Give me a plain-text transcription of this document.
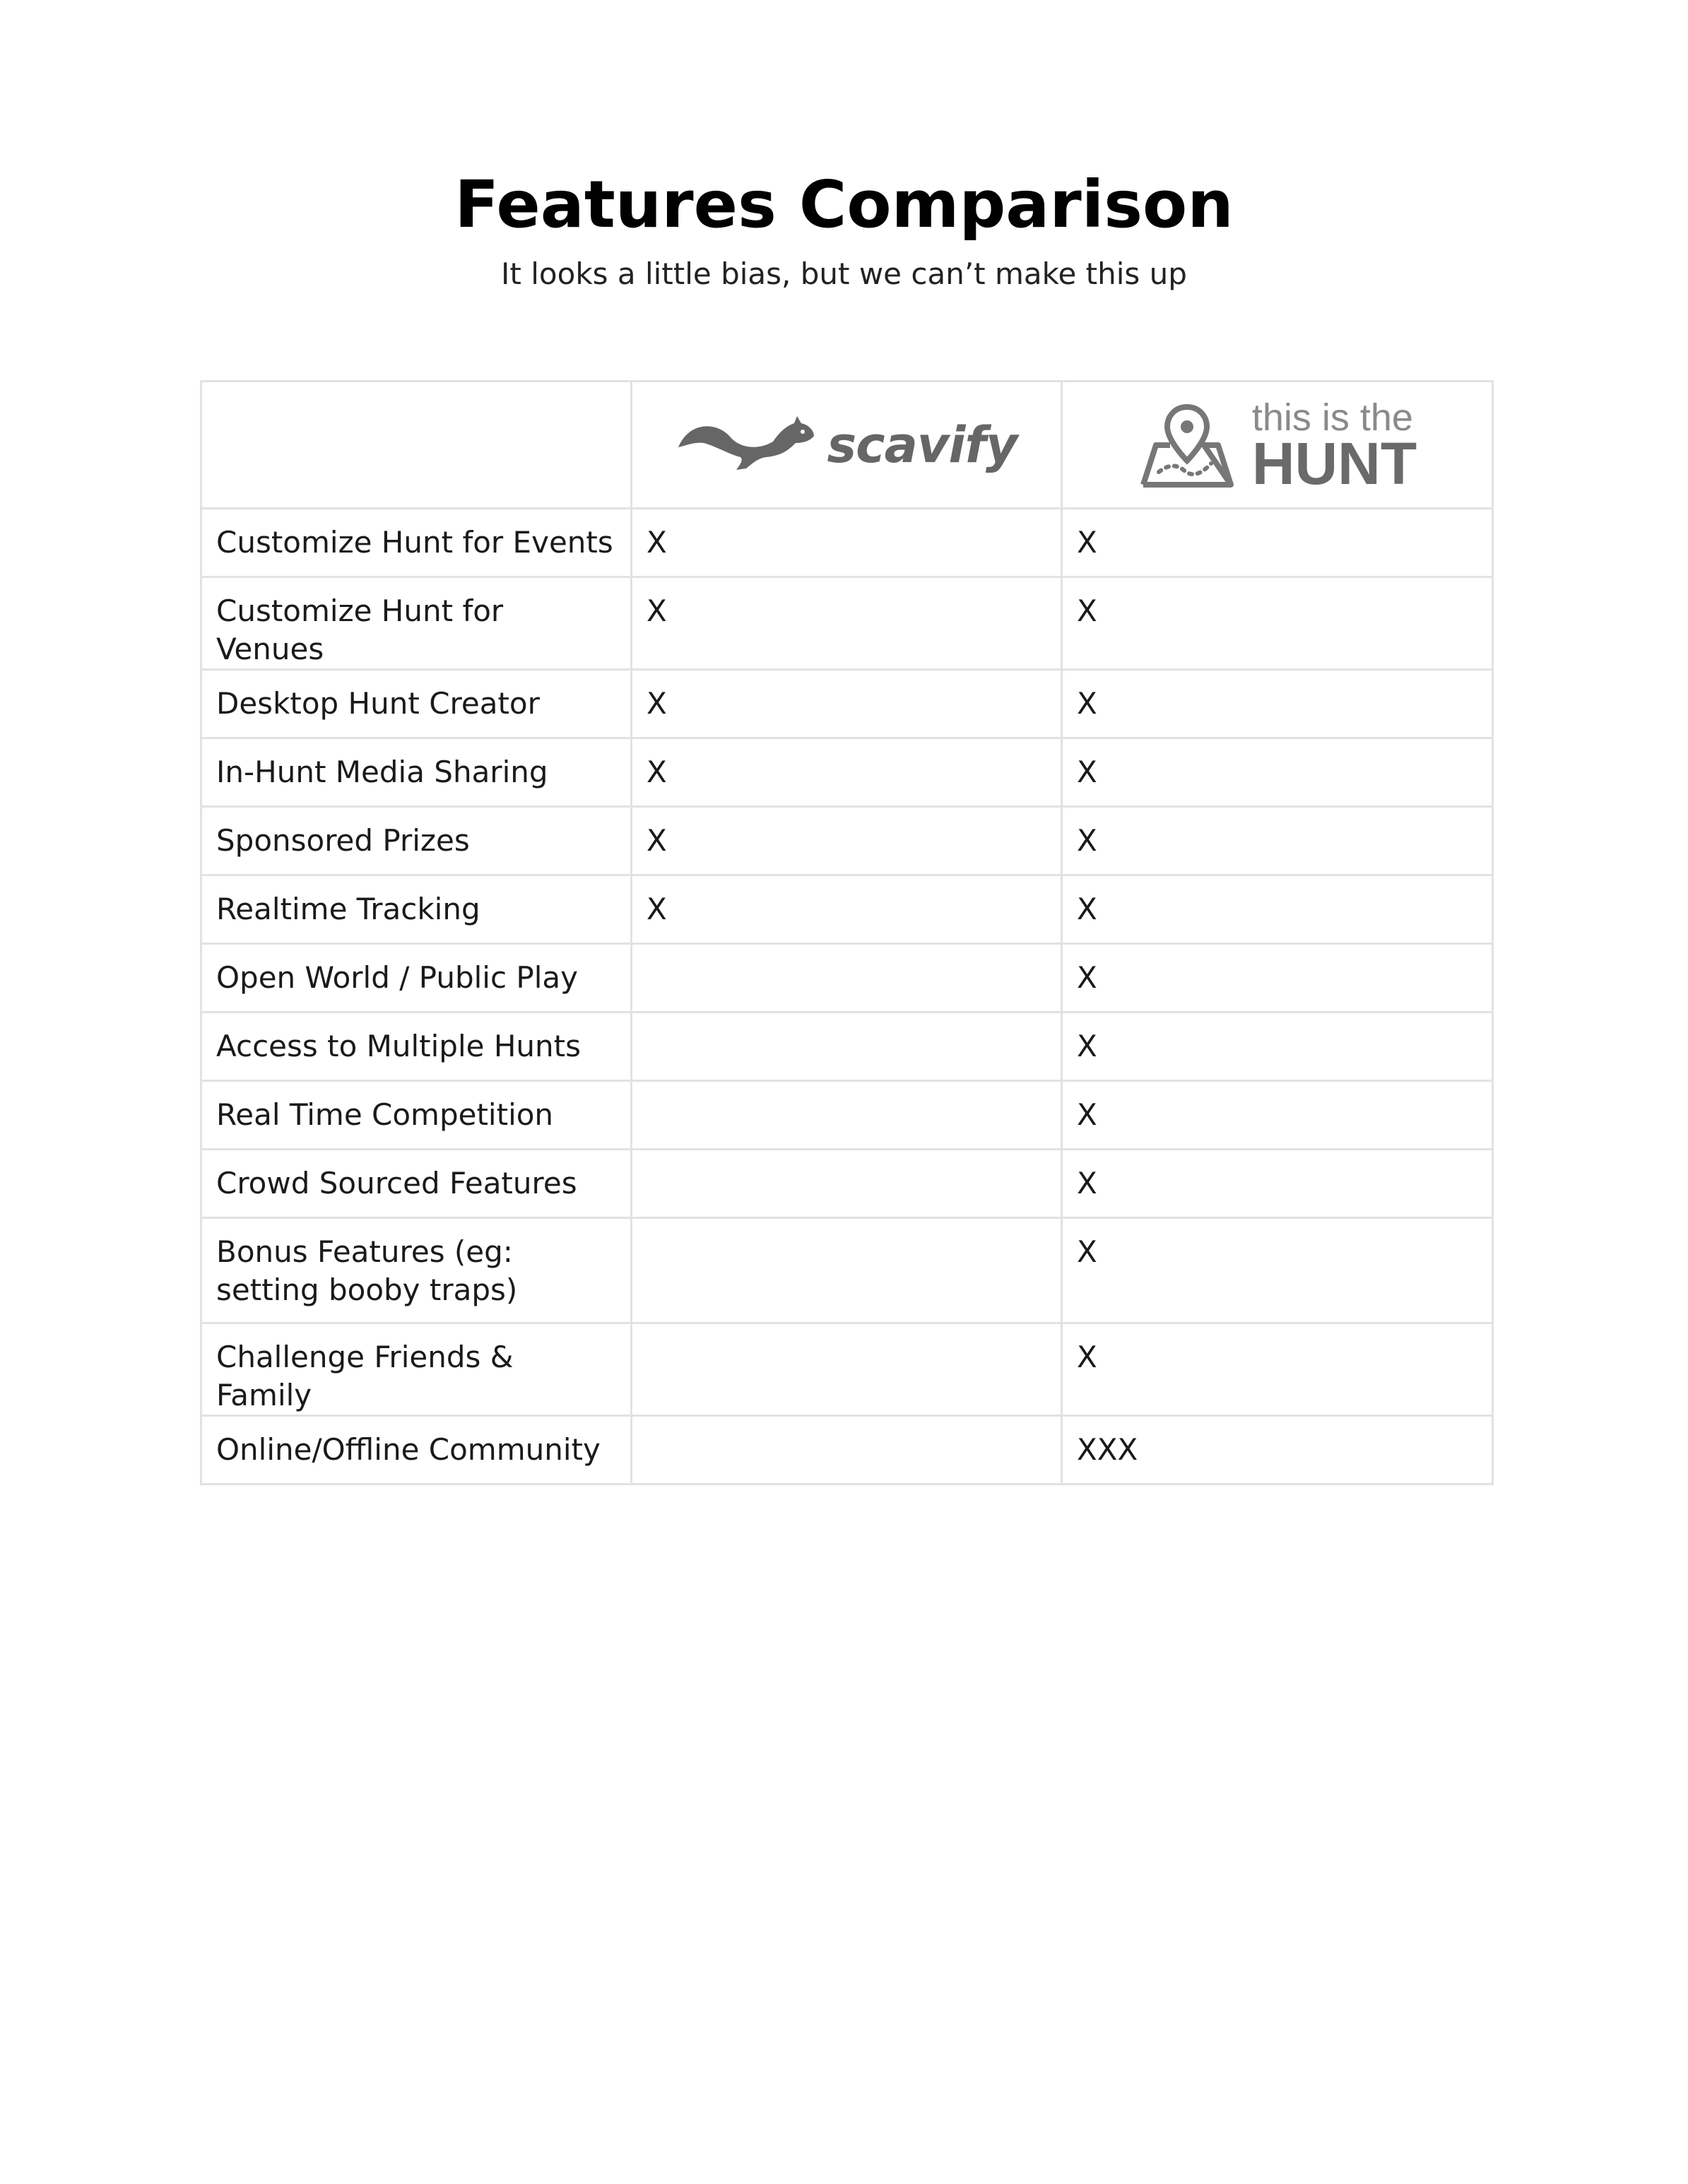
Features Comparison

It looks a little bias, but we can’t make this up

	scavify	this is the
HUNT

Customize Hunt for Events	X	X
Customize Hunt for Venues	X	X
Desktop Hunt Creator	X	X
In-Hunt Media Sharing	X	X
Sponsored Prizes	X	X
Realtime Tracking	X	X
Open World / Public Play		X
Access to Multiple Hunts		X
Real Time Competition		X
Crowd Sourced Features		X
Bonus Features (eg:
setting booby traps)		X
Challenge Friends & Family		X
Online/Offline Community		XXX
